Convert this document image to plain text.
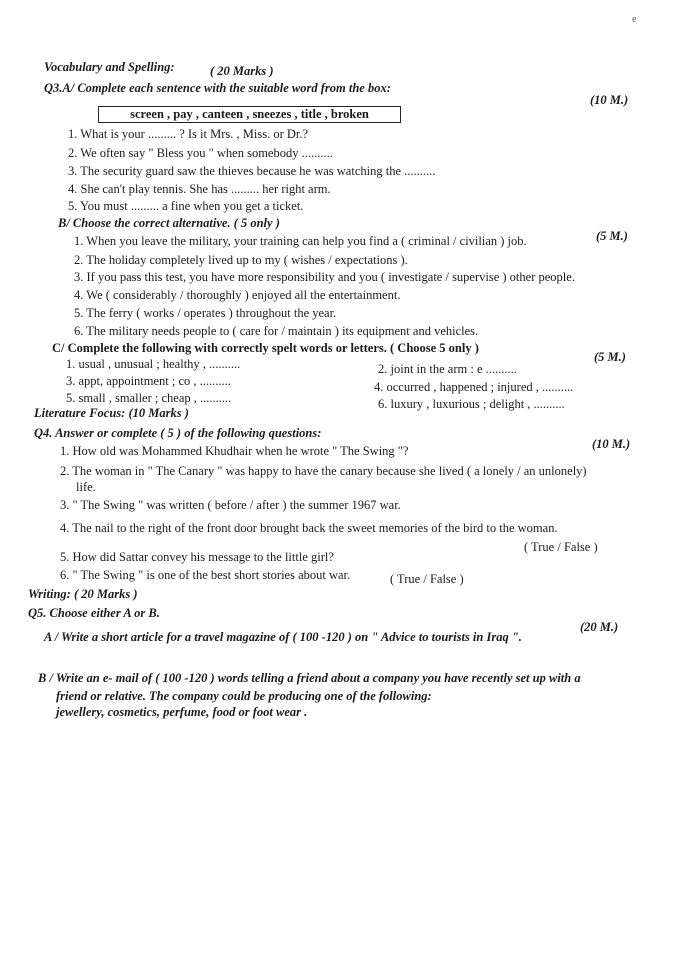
e
Vocabulary and Spelling:	( 20 Marks )
Q3.A/ Complete each sentence with the suitable word from the box:
(10 M.)
screen , pay , canteen , sneezes , title , broken
1. What is your ......... ? Is it Mrs. , Miss. or Dr.?
2. We often say " Bless you " when somebody ..........
3. The security guard saw the thieves because he was watching the ..........
4. She can't play tennis. She has ......... her right arm.
5. You must ......... a fine when you get a ticket.
B/ Choose the correct alternative. ( 5 only )
(5 M.)
1. When you leave the military, your training can help you find a ( criminal / civilian ) job.
2. The holiday completely lived up to my ( wishes / expectations ).
3. If you pass this test, you have more responsibility and you ( investigate / supervise ) other people.
4. We ( considerably / thoroughly ) enjoyed all the entertainment.
5. The ferry ( works / operates ) throughout the year.
6. The military needs people to ( care for / maintain ) its equipment and vehicles.
C/ Complete the following with correctly spelt words or letters. ( Choose 5 only )
(5 M.)
1. usual , unusual ; healthy , ..........	2. joint in the arm : e ..........
3. appt, appointment ; co , ..........	4. occurred , happened ; injured , ..........
5. small , smaller ; cheap , ..........	6. luxury , luxurious ; delight , ..........
Literature Focus: (10 Marks )
Q4. Answer or complete ( 5 ) of the following questions:
(10 M.)
1. How old was Mohammed Khudhair when he wrote " The Swing "?
2. The woman in " The Canary " was happy to have the canary because she lived ( a lonely / an unlonely)
life.
3. " The Swing " was written ( before / after ) the summer 1967 war.
4. The nail to the right of the front door brought back the sweet memories of the bird to the woman.
( True / False )
5. How did Sattar convey his message to the little girl?
6. " The Swing " is one of the best short stories about war.	( True / False )
Writing: ( 20 Marks )
Q5. Choose either A or B.
(20 M.)
A / Write a short article for a travel magazine of ( 100 -120 ) on " Advice to tourists in Iraq ".
B / Write an e- mail of ( 100 -120 ) words telling a friend about a company you have recently set up with a
friend or relative. The company could be producing one of the following:
jewellery, cosmetics, perfume, food or foot wear .
